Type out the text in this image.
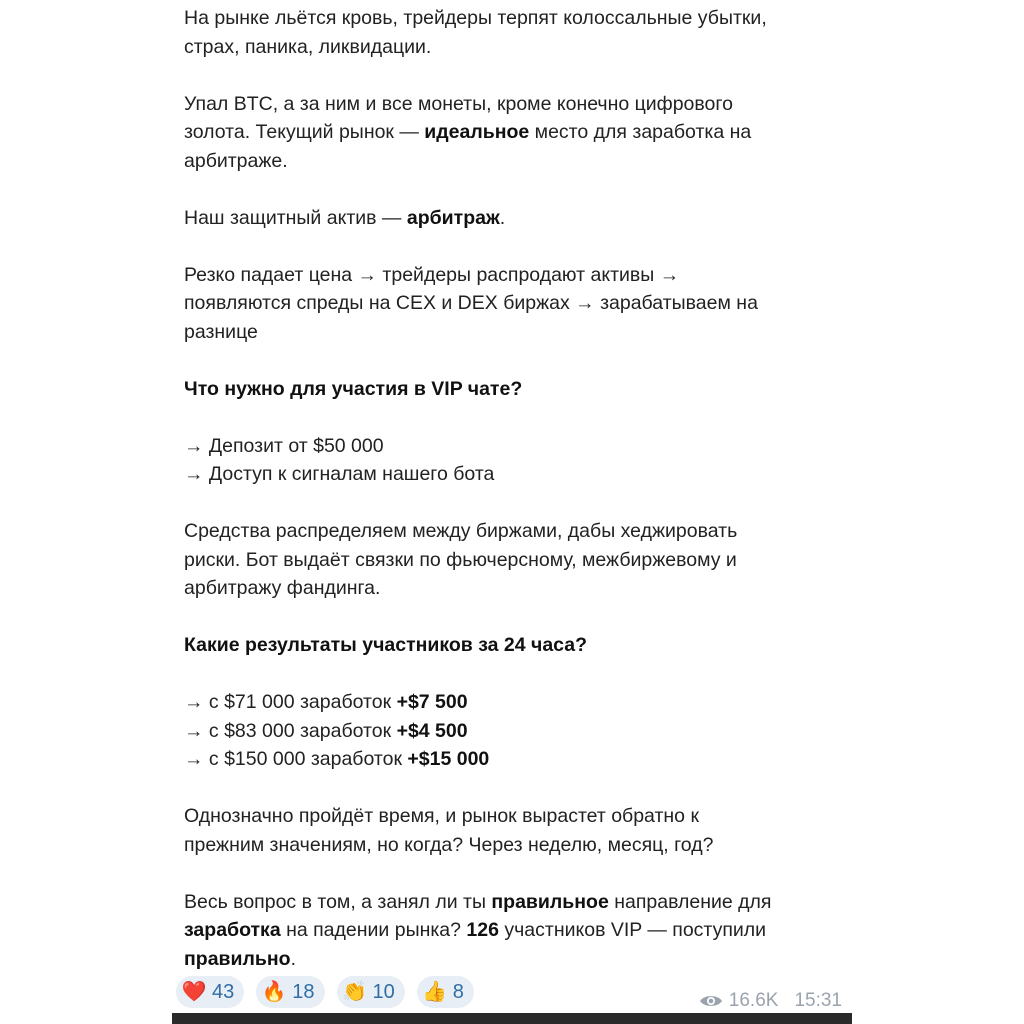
На рынке льётся кровь, трейдеры терпят колоссальные убытки,
страх, паника, ликвидации.

Упал BTC, а за ним и все монеты, кроме конечно цифрового
золота. Текущий рынок — идеальное место для заработка на
арбитраже.

Наш защитный актив — арбитраж.

Резко падает цена → трейдеры распродают активы →
появляются спреды на CEX и DEX биржах → зарабатываем на
разнице

Что нужно для участия в VIP чате?

→ Депозит от $50 000
→ Доступ к сигналам нашего бота

Средства распределяем между биржами, дабы хеджировать
риски. Бот выдаёт связки по фьючерсному, межбиржевому и
арбитражу фандинга.

Какие результаты участников за 24 часа?

→ с $71 000 заработок +$7 500
→ с $83 000 заработок +$4 500
→ с $150 000 заработок +$15 000

Однозначно пройдёт время, и рынок вырастет обратно к
прежним значениям, но когда? Через неделю, месяц, год?

Весь вопрос в том, а занял ли ты правильное направление для
заработка на падении рынка? 126 участников VIP — поступили
правильно.

❤️ 43 🔥 18 👏 10 👍 8	16.6K 15:31
